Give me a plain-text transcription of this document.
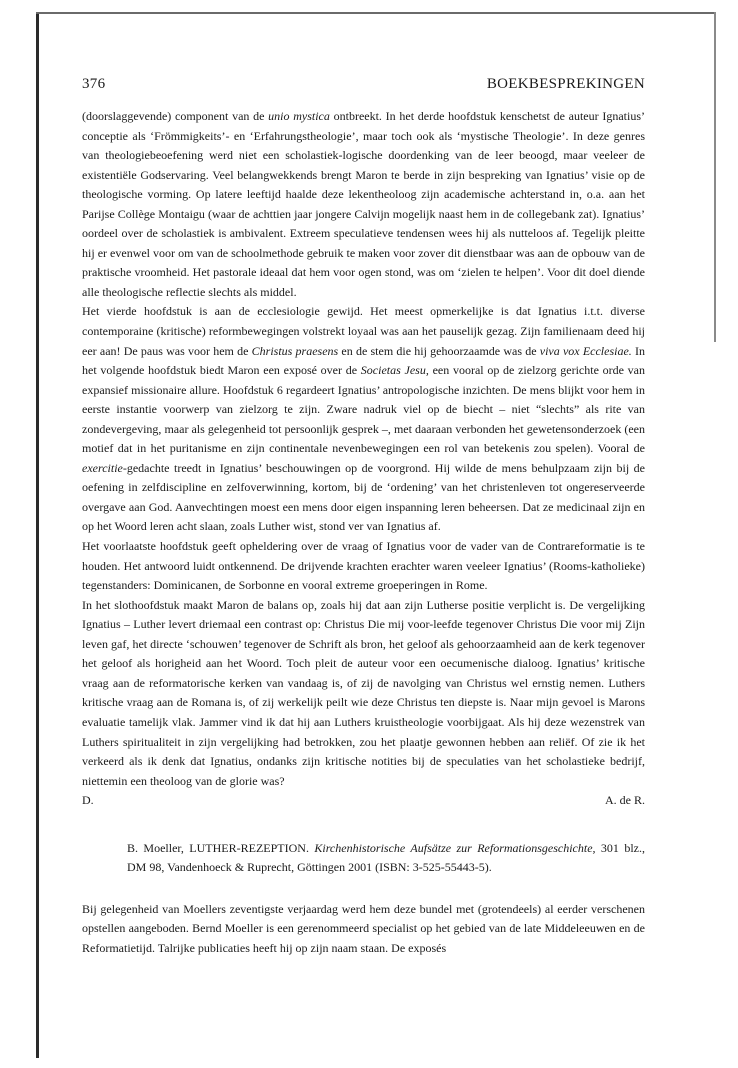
376	BOEKBESPREKINGEN

(doorslaggevende) component van de unio mystica ontbreekt. In het derde hoofdstuk kenschetst de auteur Ignatius’ conceptie als ‘Frömmigkeits’- en ‘Erfahrungstheologie’, maar toch ook als ‘mystische Theologie’. In deze genres van theologiebeoefening werd niet een scholastiek-logische doordenking van de leer beoogd, maar veeleer de existentiële Godservaring. Veel belangwekkends brengt Maron te berde in zijn bespreking van Ignatius’ visie op de theologische vorming. Op latere leeftijd haalde deze lekentheoloog zijn academische achterstand in, o.a. aan het Parijse Collège Montaigu (waar de achttien jaar jongere Calvijn mogelijk naast hem in de collegebank zat). Ignatius’ oordeel over de scholastiek is ambivalent. Extreem speculatieve tendensen wees hij als nutteloos af. Tegelijk pleitte hij er evenwel voor om van de schoolmethode gebruik te maken voor zover dit dienstbaar was aan de opbouw van de praktische vroomheid. Het pastorale ideaal dat hem voor ogen stond, was om ‘zielen te helpen’. Voor dit doel diende alle theologische reflectie slechts als middel.

Het vierde hoofdstuk is aan de ecclesiologie gewijd. Het meest opmerkelijke is dat Ignatius i.t.t. diverse contemporaine (kritische) reformbewegingen volstrekt loyaal was aan het pauselijk gezag. Zijn familienaam deed hij eer aan! De paus was voor hem de Christus praesens en de stem die hij gehoorzaamde was de viva vox Ecclesiae. In het volgende hoofdstuk biedt Maron een exposé over de Societas Jesu, een vooral op de zielzorg gerichte orde van expansief missionaire allure. Hoofdstuk 6 regardeert Ignatius’ antropologische inzichten. De mens blijkt voor hem in eerste instantie voorwerp van zielzorg te zijn. Zware nadruk viel op de biecht – niet “slechts” als rite van zondevergeving, maar als gelegenheid tot persoonlijk gesprek –, met daaraan verbonden het gewetensonderzoek (een motief dat in het puritanisme en zijn continentale nevenbewegingen een rol van betekenis zou spelen). Vooral de exercitie-gedachte treedt in Ignatius’ beschouwingen op de voorgrond. Hij wilde de mens behulpzaam zijn bij de oefening in zelfdiscipline en zelfoverwinning, kortom, bij de ‘ordening’ van het christenleven tot ongereserveerde overgave aan God. Aanvechtingen moest een mens door eigen inspanning leren beheersen. Dat ze medicinaal zijn en op het Woord leren acht slaan, zoals Luther wist, stond ver van Ignatius af.

Het voorlaatste hoofdstuk geeft opheldering over de vraag of Ignatius voor de vader van de Contrareformatie is te houden. Het antwoord luidt ontkennend. De drijvende krachten erachter waren veeleer Ignatius’ (Rooms-katholieke) tegenstanders: Dominicanen, de Sorbonne en vooral extreme groeperingen in Rome.

In het slothoofdstuk maakt Maron de balans op, zoals hij dat aan zijn Lutherse positie verplicht is. De vergelijking Ignatius – Luther levert driemaal een contrast op: Christus Die mij voor-leefde tegenover Christus Die voor mij Zijn leven gaf, het directe ‘schouwen’ tegenover de Schrift als bron, het geloof als gehoorzaamheid aan de kerk tegenover het geloof als horigheid aan het Woord. Toch pleit de auteur voor een oecumenische dialoog. Ignatius’ kritische vraag aan de reformatorische kerken van vandaag is, of zij de navolging van Christus wel ernstig nemen. Luthers kritische vraag aan de Romana is, of zij werkelijk peilt wie deze Christus ten diepste is. Naar mijn gevoel is Marons evaluatie tamelijk vlak. Jammer vind ik dat hij aan Luthers kruistheologie voorbijgaat. Als hij deze wezenstrek van Luthers spiritualiteit in zijn vergelijking had betrokken, zou het plaatje gewonnen hebben aan reliëf. Of zie ik het verkeerd als ik denk dat Ignatius, ondanks zijn kritische notities bij de speculaties van het scholastieke bedrijf, niettemin een theoloog van de glorie was?

D.	A. de R.
B. Moeller, LUTHER-REZEPTION. Kirchenhistorische Aufsätze zur Reformationsgeschichte, 301 blz., DM 98, Vandenhoeck & Ruprecht, Göttingen 2001 (ISBN: 3-525-55443-5).
Bij gelegenheid van Moellers zeventigste verjaardag werd hem deze bundel met (grotendeels) al eerder verschenen opstellen aangeboden. Bernd Moeller is een gerenommeerd specialist op het gebied van de late Middeleeuwen en de Reformatietijd. Talrijke publicaties heeft hij op zijn naam staan. De exposés
